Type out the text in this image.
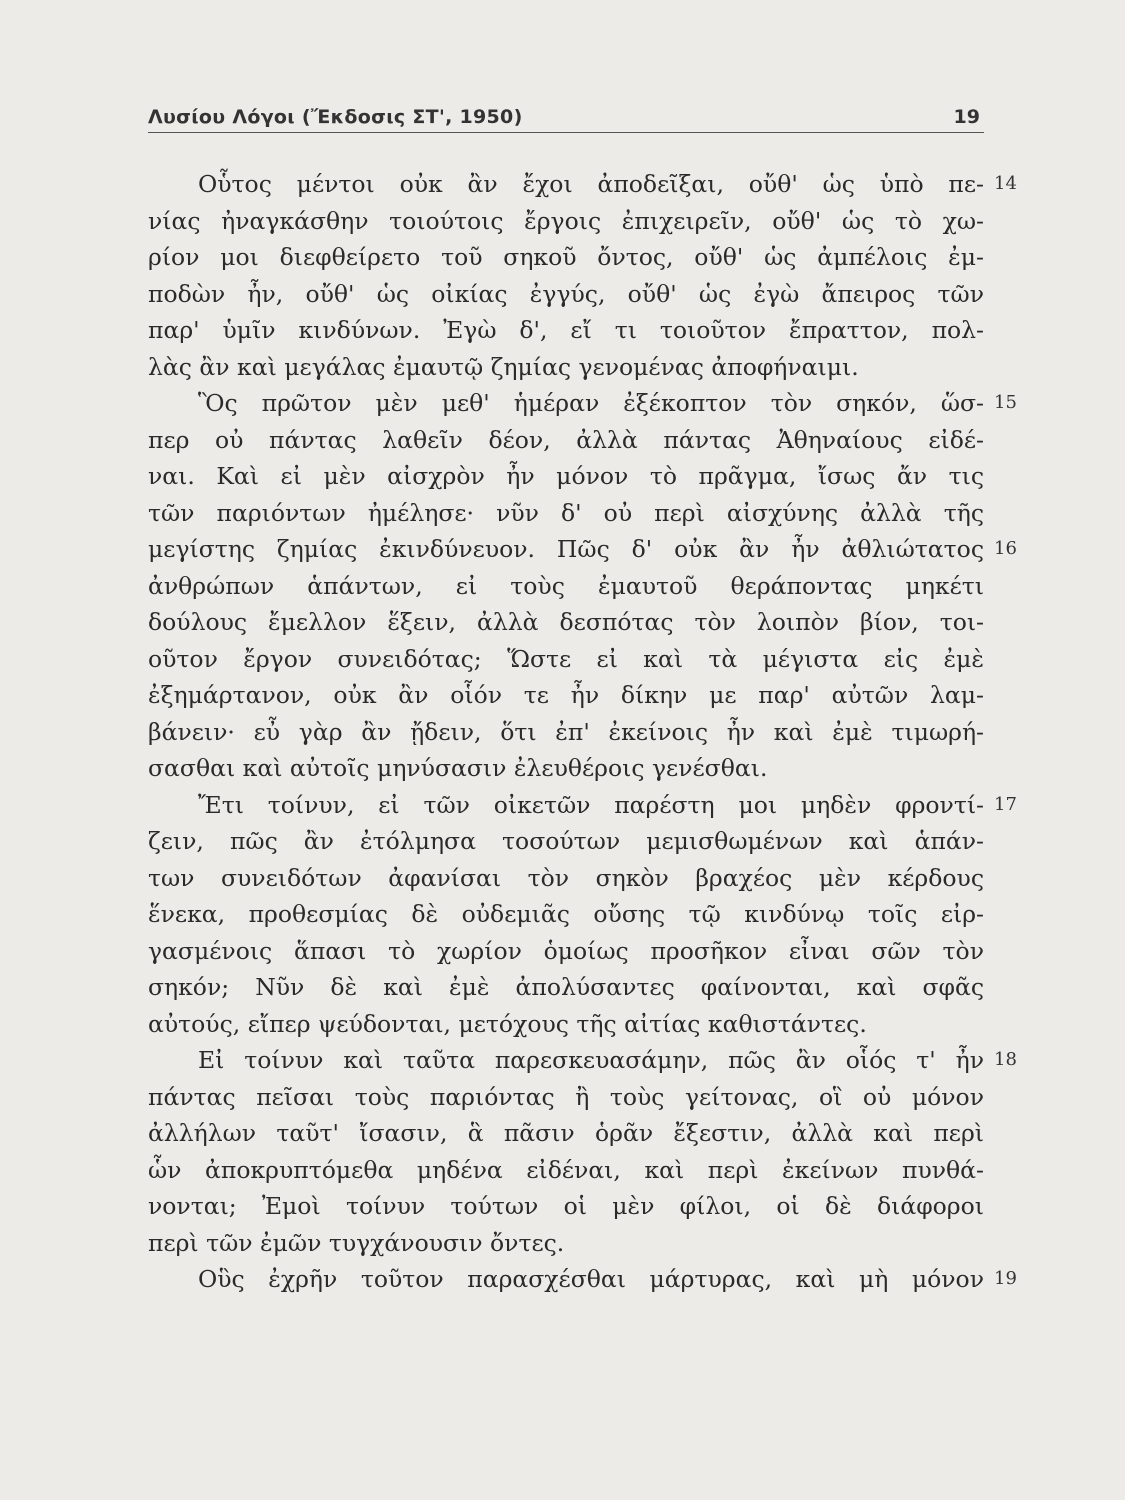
Λυσίου Λόγοι (Ἔκδοσις ΣΤ', 1950)	19
Οὗτος μέντοι οὐκ ἂν ἔχοι ἀποδεῖξαι, οὔθ' ὡς ὑπὸ πε- 14
νίας ἠναγκάσθην τοιούτοις ἔργοις ἐπιχειρεῖν, οὔθ' ὡς τὸ χω-
ρίον μοι διεφθείρετο τοῦ σηκοῦ ὄντος, οὔθ' ὡς ἀμπέλοις ἐμ-
ποδὼν ἦν, οὔθ' ὡς οἰκίας ἐγγύς, οὔθ' ὡς ἐγὼ ἄπειρος τῶν
παρ' ὑμῖν κινδύνων. Ἐγὼ δ', εἴ τι τοιοῦτον ἔπραττον, πολ-
λὰς ἂν καὶ μεγάλας ἐμαυτῷ ζημίας γενομένας ἀποφήναιμι.
Ὃς πρῶτον μὲν μεθ' ἡμέραν ἐξέκοπτον τὸν σηκόν, ὥσ- 15
περ οὐ πάντας λαθεῖν δέον, ἀλλὰ πάντας Ἀθηναίους εἰδέ-
ναι. Καὶ εἰ μὲν αἰσχρὸν ἦν μόνον τὸ πρᾶγμα, ἴσως ἄν τις
τῶν παριόντων ἠμέλησε· νῦν δ' οὐ περὶ αἰσχύνης ἀλλὰ τῆς
μεγίστης ζημίας ἐκινδύνευον. Πῶς δ' οὐκ ἂν ἦν ἀθλιώτατος 16
ἀνθρώπων ἁπάντων, εἰ τοὺς ἐμαυτοῦ θεράποντας μηκέτι
δούλους ἔμελλον ἕξειν, ἀλλὰ δεσπότας τὸν λοιπὸν βίον, τοι-
οῦτον ἔργον συνειδότας; Ὥστε εἰ καὶ τὰ μέγιστα εἰς ἐμὲ
ἐξημάρτανον, οὐκ ἂν οἷόν τε ἦν δίκην με παρ' αὐτῶν λαμ-
βάνειν· εὖ γὰρ ἂν ᾔδειν, ὅτι ἐπ' ἐκείνοις ἦν καὶ ἐμὲ τιμωρή-
σασθαι καὶ αὐτοῖς μηνύσασιν ἐλευθέροις γενέσθαι.
Ἔτι τοίνυν, εἰ τῶν οἰκετῶν παρέστη μοι μηδὲν φροντί- 17
ζειν, πῶς ἂν ἐτόλμησα τοσούτων μεμισθωμένων καὶ ἁπάν-
των συνειδότων ἀφανίσαι τὸν σηκὸν βραχέος μὲν κέρδους
ἕνεκα, προθεσμίας δὲ οὐδεμιᾶς οὔσης τῷ κινδύνῳ τοῖς εἰρ-
γασμένοις ἅπασι τὸ χωρίον ὁμοίως προσῆκον εἶναι σῶν τὸν
σηκόν; Νῦν δὲ καὶ ἐμὲ ἀπολύσαντες φαίνονται, καὶ σφᾶς
αὐτούς, εἴπερ ψεύδονται, μετόχους τῆς αἰτίας καθιστάντες.
Εἰ τοίνυν καὶ ταῦτα παρεσκευασάμην, πῶς ἂν οἷός τ' ἦν 18
πάντας πεῖσαι τοὺς παριόντας ἢ τοὺς γείτονας, οἳ οὐ μόνον
ἀλλήλων ταῦτ' ἴσασιν, ἃ πᾶσιν ὁρᾶν ἔξεστιν, ἀλλὰ καὶ περὶ
ὧν ἀποκρυπτόμεθα μηδένα εἰδέναι, καὶ περὶ ἐκείνων πυνθά-
νονται; Ἐμοὶ τοίνυν τούτων οἱ μὲν φίλοι, οἱ δὲ διάφοροι
περὶ τῶν ἐμῶν τυγχάνουσιν ὄντες.
Οὓς ἐχρῆν τοῦτον παρασχέσθαι μάρτυρας, καὶ μὴ μόνον 19
